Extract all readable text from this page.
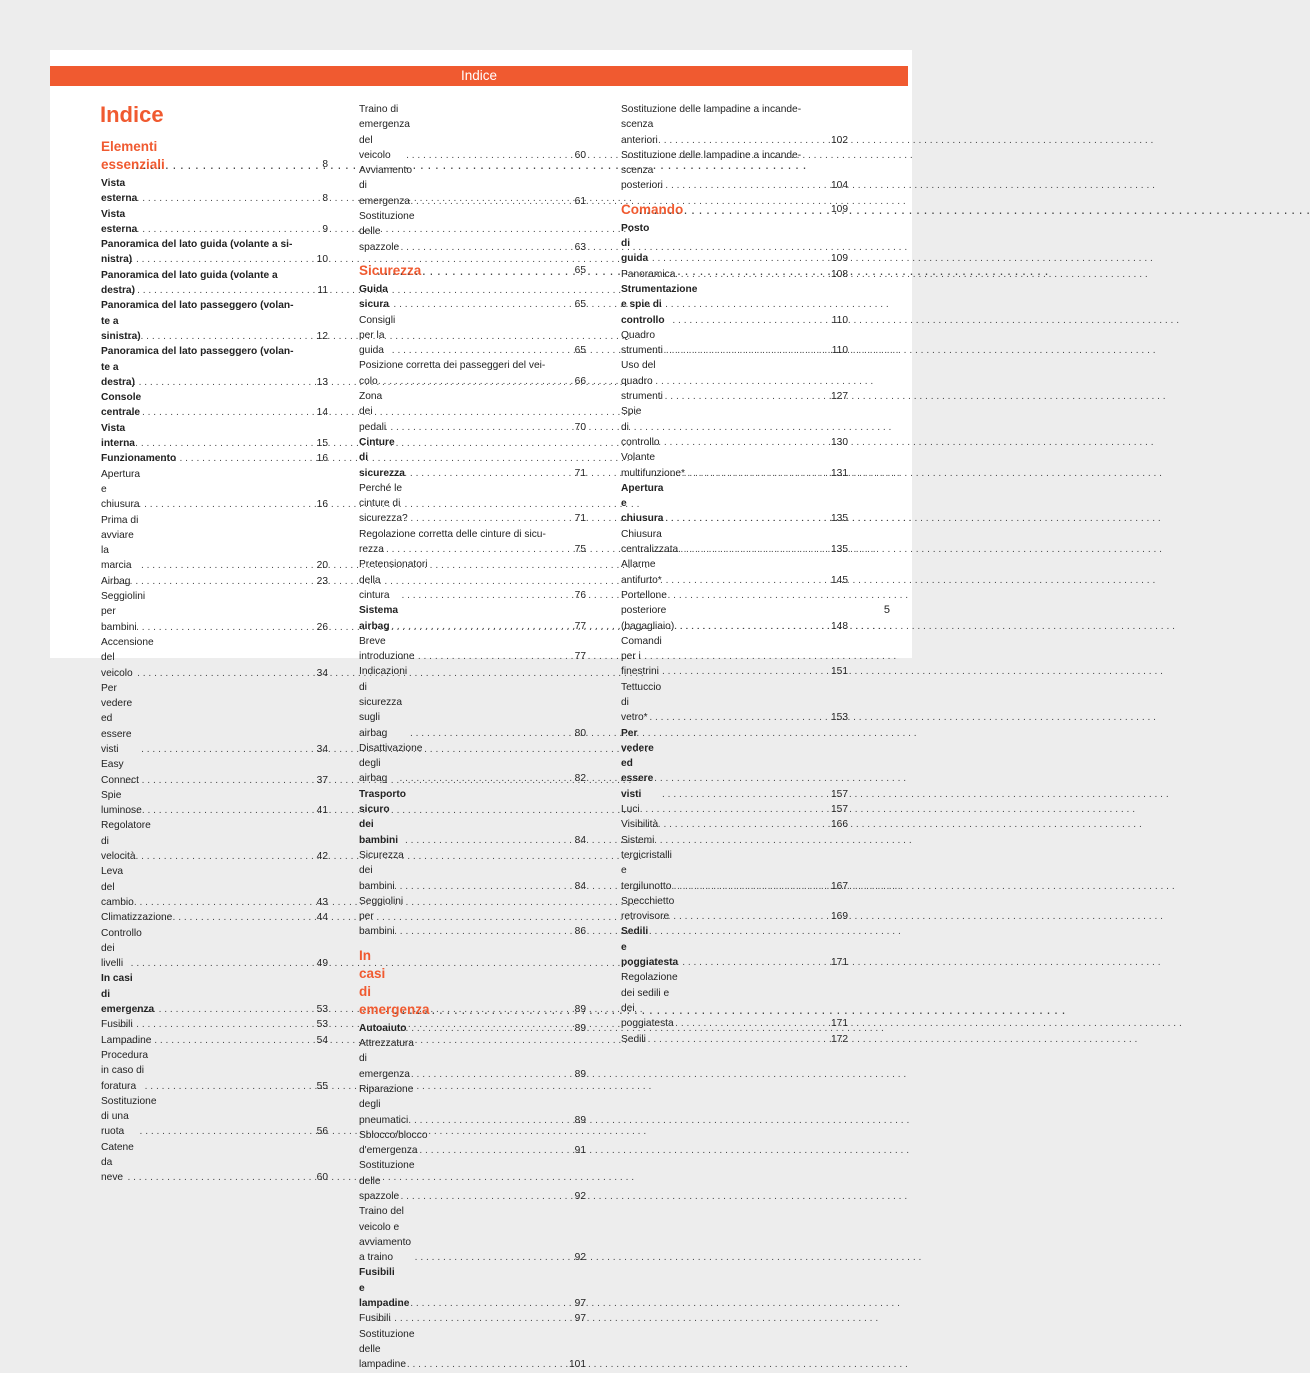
Indice
Indice
Elementi essenziali . . .	8
Vista esterna . . .	8
Vista esterna . . .	9
Panoramica del lato guida (volante a si-
nistra) . . .	10
Panoramica del lato guida (volante a
destra) . . .	11
Panoramica del lato passeggero (volan-
te a sinistra) . . .	12
Panoramica del lato passeggero (volan-
te a destra) . . .	13
Console centrale . . .	14
Vista interna . . .	15
Funzionamento . . .	16
Apertura e chiusura . . .	16
Prima di avviare la marcia . . .	20
Airbag . . .	23
Seggiolini per bambini . . .	26
Accensione del veicolo . . .	34
Per vedere ed essere visti . . .	34
Easy Connect . . .	37
Spie luminose . . .	41
Regolatore di velocità . . .	42
Leva del cambio . . .	43
Climatizzazione . . .	44
Controllo dei livelli . . .	49
In casi di emergenza . . .	53
Fusibili . . .	53
Lampadine . . .	54
Procedura in caso di foratura . . .	55
Sostituzione di una ruota . . .	56
Catene da neve . . .	60
Traino di emergenza del veicolo . . .	60
Avviamento di emergenza . . .	61
Sostituzione delle spazzole . . .	63
Sicurezza . . .	65
Guida sicura . . .	65
Consigli per la guida . . .	65
Posizione corretta dei passeggeri del vei-
colo . . .	66
Zona dei pedali . . .	70
Cinture di sicurezza . . .	71
Perché le cinture di sicurezza? . . .	71
Regolazione corretta delle cinture di sicu-
rezza . . .	75
Pretensionatori della cintura . . .	76
Sistema airbag . . .	77
Breve introduzione . . .	77
Indicazioni di sicurezza sugli airbag . . .	80
Disattivazione degli airbag . . .	82
Trasporto sicuro dei bambini . . .	84
Sicurezza dei bambini . . .	84
Seggiolini per bambini . . .	86
In casi di emergenza . . .	89
Autoaiuto . . .	89
Attrezzatura di emergenza . . .	89
Riparazione degli pneumatici . . .	89
Sblocco/blocco d'emergenza . . .	91
Sostituzione delle spazzole . . .	92
Traino del veicolo e avviamento a traino . . .	92
Fusibili e lampadine . . .	97
Fusibili . . .	97
Sostituzione delle lampadine . . .	101
Sostituzione delle lampadine a incande-
scenza anteriori . . .	102
Sostituzione delle lampadine a incande-
scenza posteriori . . .	104
Comando . . .	109
Posto di guida . . .	109
Panoramica . . .	108
Strumentazione e spie di controllo . . .	110
Quadro strumenti . . .	110
Uso del quadro strumenti . . .	127
Spie di controllo . . .	130
Volante multifunzione* . . .	131
Apertura e chiusura . . .	135
Chiusura centralizzata . . .	135
Allarme antifurto* . . .	145
Portellone posteriore (bagagliaio) . . .	148
Comandi per i finestrini . . .	151
Tettuccio di vetro* . . .	153
Per vedere ed essere visti . . .	157
Luci . . .	157
Visibilità . . .	166
Sistemi tergicristalli e tergilunotto . . .	167
Specchietto retrovisore . . .	169
Sedili e poggiatesta . . .	171
Regolazione dei sedili e dei poggiatesta . . .	171
Sedili . . .	172
5
